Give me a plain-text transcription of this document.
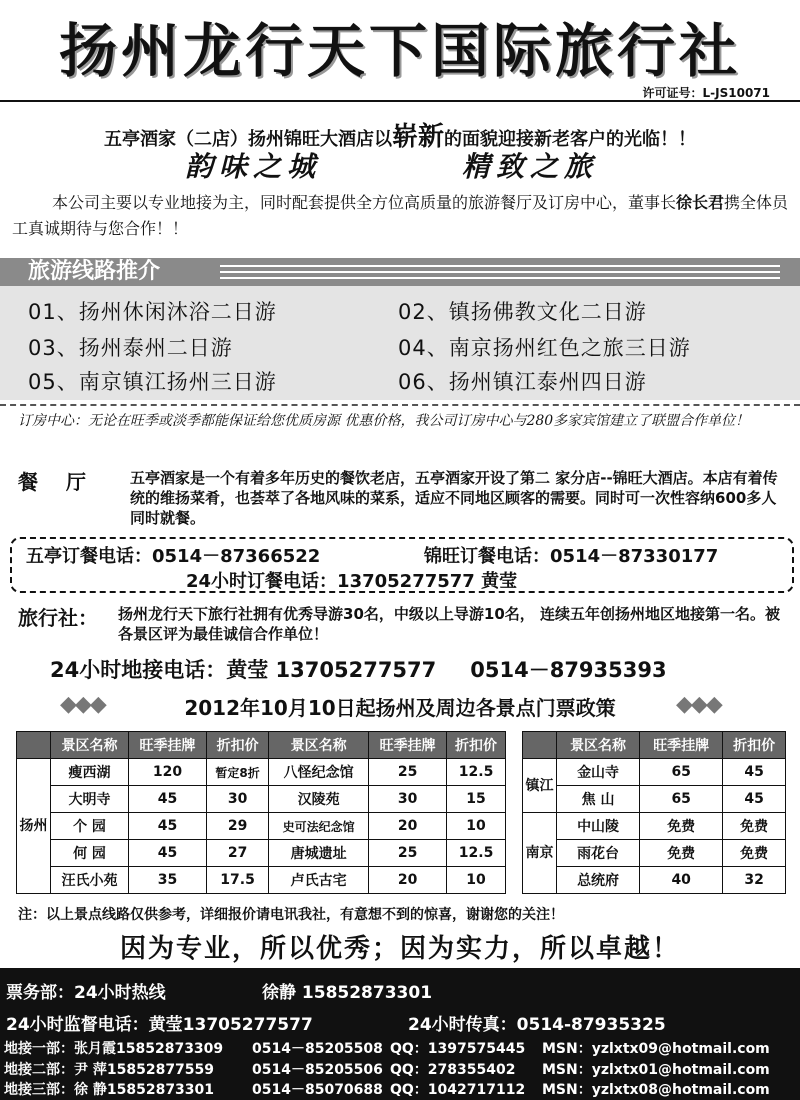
扬州龙行天下国际旅行社
许可证号：L-JS10071
五亭酒家（二店）扬州锦旺大酒店以崭新的面貌迎接新老客户的光临！！
韵味之城	精致之旅
本公司主要以专业地接为主，同时配套提供全方位高质量的旅游餐厅及订房中心，董事长徐长君携全体员工真诚期待与您合作！！
旅游线路推介
01、扬州休闲沐浴二日游	02、镇扬佛教文化二日游
03、扬州泰州二日游	04、南京扬州红色之旅三日游
05、南京镇江扬州三日游	06、扬州镇江泰州四日游
订房中心：无论在旺季或淡季都能保证给您优质房源 优惠价格，我公司订房中心与280多家宾馆建立了联盟合作单位！
餐厅 五亭酒家是一个有着多年历史的餐饮老店，五亭酒家开设了第二 家分店--锦旺大酒店。本店有着传统的维扬菜肴，也荟萃了各地风味的菜系，适应不同地区顾客的需要。同时可一次性容纳600多人同时就餐。
五亭订餐电话：0514－87366522	锦旺订餐电话：0514－87330177
24小时订餐电话：13705277577 黄莹
旅行社： 扬州龙行天下旅行社拥有优秀导游30名，中级以上导游10名， 连续五年创扬州地区地接第一名。被各景区评为最佳诚信合作单位！
24小时地接电话：黄莹 13705277577 0514－87935393
◆◆◆	2012年10月10日起扬州及周边各景点门票政策	◆◆◆
	景区名称	旺季挂牌	折扣价	景区名称	旺季挂牌	折扣价
扬州	瘦西湖	120	暂定8折	八怪纪念馆	25	12.5
	大明寺	45	30	汉陵苑	30	15
	个 园	45	29	史可法纪念馆	20	10
	何 园	45	27	唐城遗址	25	12.5
	汪氏小苑	35	17.5	卢氏古宅	20	10
	景区名称	旺季挂牌	折扣价
镇江	金山寺	65	45
	焦 山	65	45
南京	中山陵	免费	免费
	雨花台	免费	免费
	总统府	40	32
注：以上景点线路仅供参考，详细报价请电讯我社，有意想不到的惊喜，谢谢您的关注！
因为专业，所以优秀；因为实力，所以卓越！
票务部：24小时热线	徐静 15852873301
24小时监督电话：黄莹13705277577	24小时传真：0514-87935325
地接一部：张月霞15852873309 0514－85205508 QQ：1397575445 MSN：yzlxtx09@hotmail.com
地接二部：尹 萍15852877559	0514－85205506 QQ：278355402 MSN：yzlxtx01@hotmail.com
地接三部：徐 静15852873301	0514－85070688 QQ：1042717112 MSN：yzlxtx08@hotmail.com
